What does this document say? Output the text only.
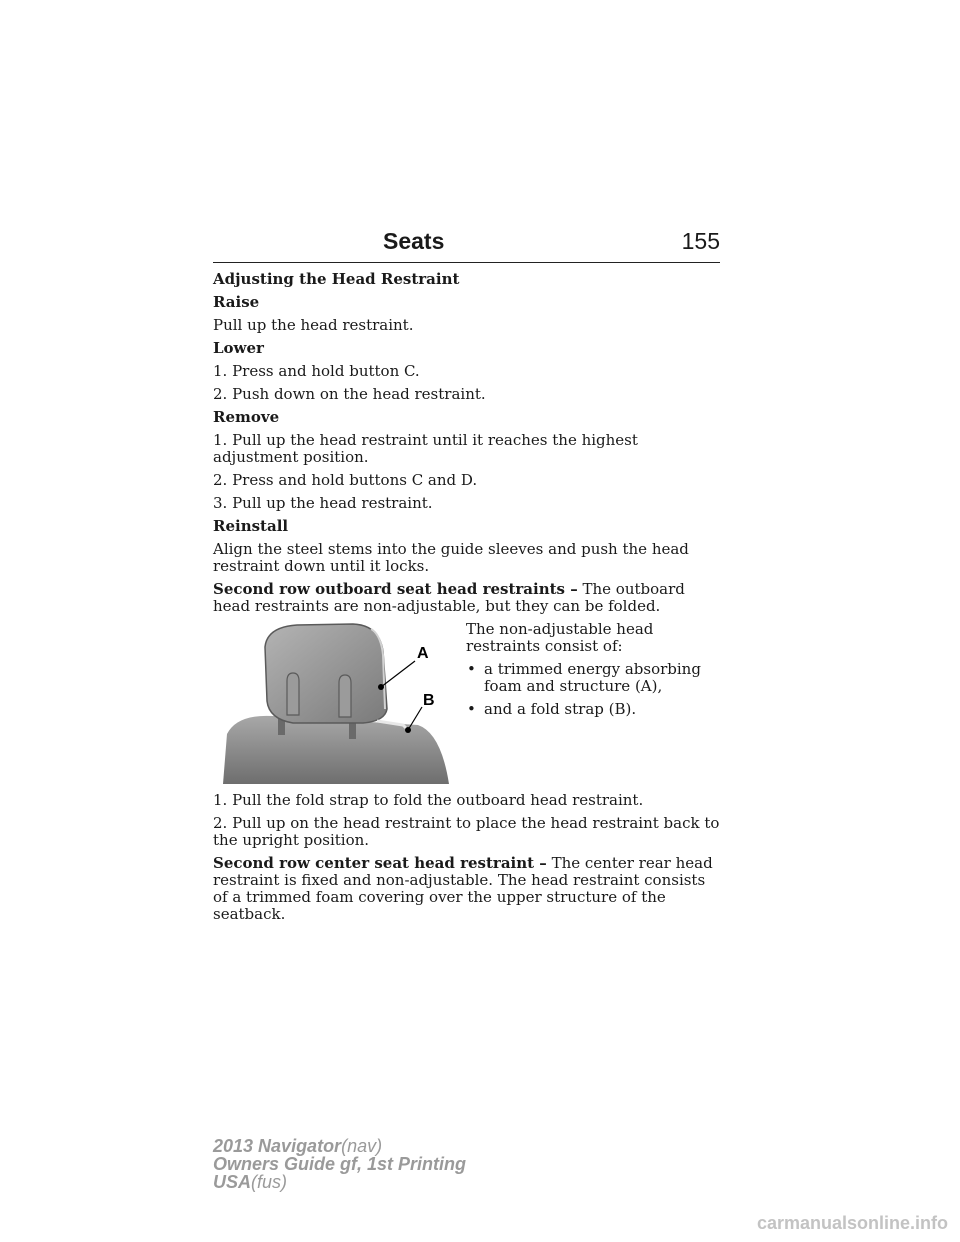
Seats	155
Adjusting the Head Restraint
Raise

Pull up the head restraint.

Lower

1. Press and hold button C.

2. Push down on the head restraint.

Remove

1. Pull up the head restraint until it reaches the highest adjustment position.

2. Press and hold buttons C and D.

3. Pull up the head restraint.

Reinstall

Align the steel stems into the guide sleeves and push the head restraint down until it locks.

Second row outboard seat head restraints – The outboard head restraints are non-adjustable, but they can be folded.

A
B

The non-adjustable head restraints consist of:

• a trimmed energy absorbing foam and structure (A),
• and a fold strap (B).

1. Pull the fold strap to fold the outboard head restraint.

2. Pull up on the head restraint to place the head restraint back to the upright position.

Second row center seat head restraint – The center rear head restraint is fixed and non-adjustable. The head restraint consists of a trimmed foam covering over the upper structure of the seatback.

2013 Navigator(nav)
Owners Guide gf, 1st Printing
USA(fus)
carmanualsonline.info
